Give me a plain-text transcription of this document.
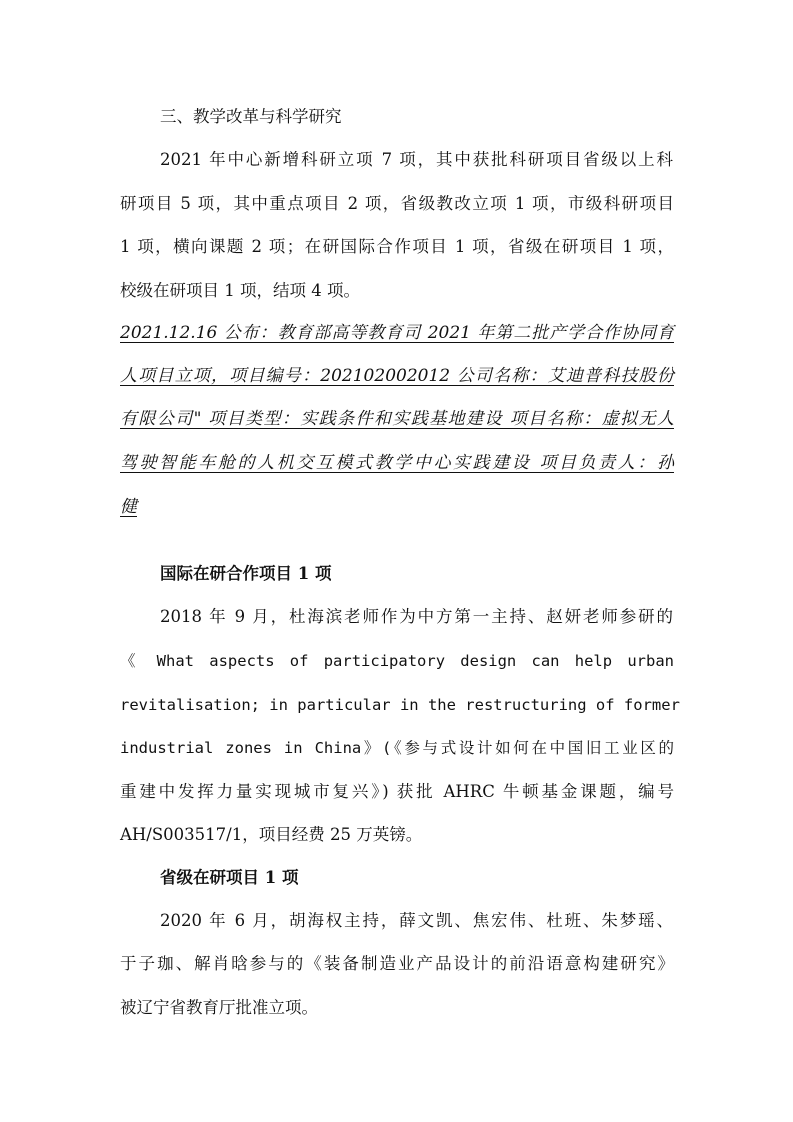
三、教学改革与科学研究
2021 年中心新增科研立项 7 项，其中获批科研项目省级以上科
研项目 5 项，其中重点项目 2 项，省级教改立项 1 项，市级科研项目
1 项，横向课题 2 项；在研国际合作项目 1 项，省级在研项目 1 项，
校级在研项目 1 项，结项 4 项。
2021.12.16 公布：教育部高等教育司 2021 年第二批产学合作协同育
人项目立项，项目编号：202102002012 公司名称：艾迪普科技股份
有限公司" 项目类型：实践条件和实践基地建设 项目名称：虚拟无人
驾驶智能车舱的人机交互模式教学中心实践建设 项目负责人：孙
健
国际在研合作项目 1 项
2018 年 9 月，杜海滨老师作为中方第一主持、赵妍老师参研的
《 What aspects of participatory design can help urban
revitalisation; in particular in the restructuring of former
industrial zones in China》(《参与式设计如何在中国旧工业区的
重建中发挥力量实现城市复兴》) 获批 AHRC 牛顿基金课题，编号
AH/S003517/1，项目经费 25 万英镑。
省级在研项目 1 项
2020 年 6 月，胡海权主持，薛文凯、焦宏伟、杜班、朱梦瑶、
于子珈、解肖晗参与的《装备制造业产品设计的前沿语意构建研究》
被辽宁省教育厅批准立项。
